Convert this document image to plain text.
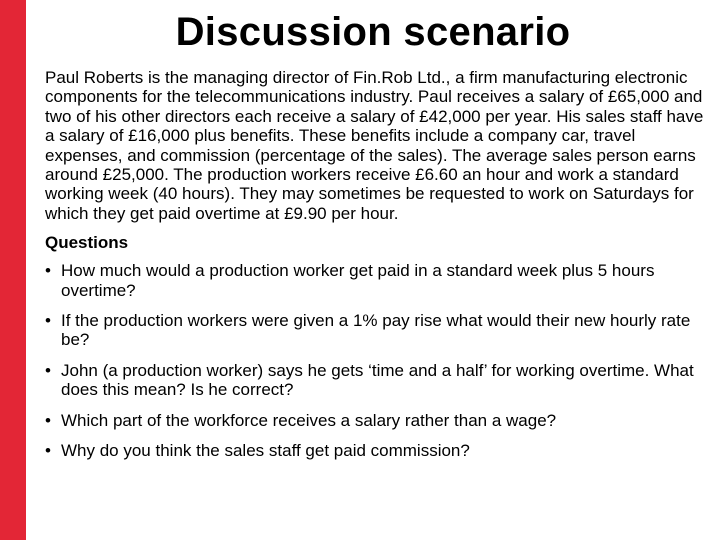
Discussion scenario

Paul Roberts is the managing director of Fin.Rob Ltd., a firm manufacturing electronic components for the telecommunications industry. Paul receives a salary of £65,000 and two of his other directors each receive a salary of £42,000 per year. His sales staff have a salary of £16,000 plus benefits. These benefits include a company car, travel expenses, and commission (percentage of the sales). The average sales person earns around £25,000. The production workers receive £6.60 an hour and work a standard working week (40 hours). They may sometimes be requested to work on Saturdays for which they get paid overtime at £9.90 per hour.

Questions
• How much would a production worker get paid in a standard week plus 5 hours overtime?
• If the production workers were given a 1% pay rise what would their new hourly rate be?
• John (a production worker) says he gets ‘time and a half’ for working overtime. What does this mean? Is he correct?
• Which part of the workforce receives a salary rather than a wage?
• Why do you think the sales staff get paid commission?
